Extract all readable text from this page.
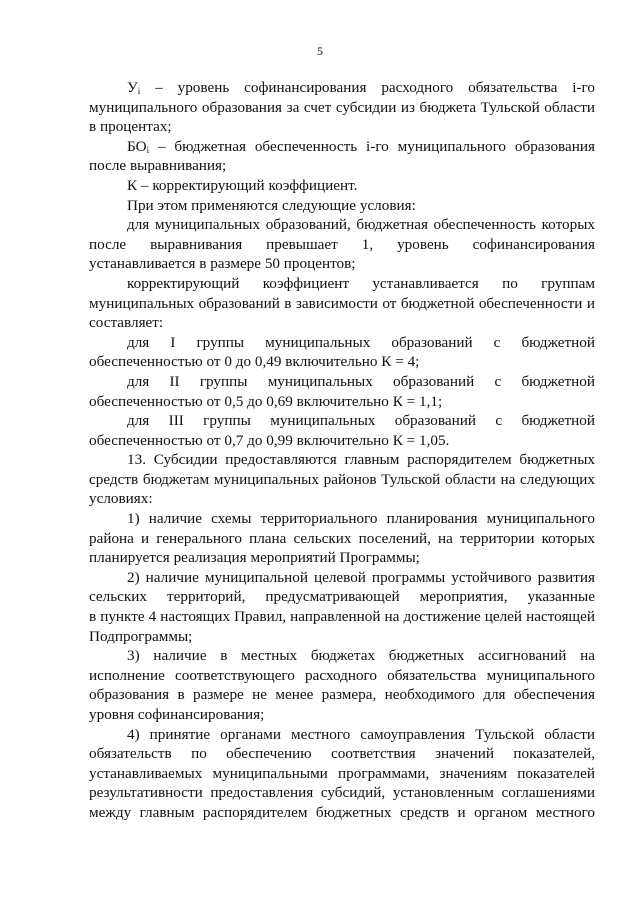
5
$У_i$ – уровень софинансирования расходного обязательства i-го
муниципального образования за счет субсидии из бюджета Тульской области
в процентах;
$БО_i$ – бюджетная обеспеченность i-го муниципального образования
после выравнивания;
К – корректирующий коэффициент.
При этом применяются следующие условия:
для муниципальных образований, бюджетная обеспеченность которых
после выравнивания превышает 1, уровень софинансирования
устанавливается в размере 50 процентов;
корректирующий коэффициент устанавливается по группам
муниципальных образований в зависимости от бюджетной обеспеченности и
составляет:
для I группы муниципальных образований с бюджетной
обеспеченностью от 0 до 0,49 включительно К = 4;
для II группы муниципальных образований с бюджетной
обеспеченностью от 0,5 до 0,69 включительно К = 1,1;
для III группы муниципальных образований с бюджетной
обеспеченностью от 0,7 до 0,99 включительно К = 1,05.
13. Субсидии предоставляются главным распорядителем бюджетных
средств бюджетам муниципальных районов Тульской области на следующих
условиях:
1) наличие схемы территориального планирования муниципального
района и генерального плана сельских поселений, на территории которых
планируется реализация мероприятий Программы;
2) наличие муниципальной целевой программы устойчивого развития
сельских территорий, предусматривающей мероприятия, указанные
в пункте 4 настоящих Правил, направленной на достижение целей настоящей
Подпрограммы;
3) наличие в местных бюджетах бюджетных ассигнований на
исполнение соответствующего расходного обязательства муниципального
образования в размере не менее размера, необходимого для обеспечения
уровня софинансирования;
4) принятие органами местного самоуправления Тульской области
обязательств по обеспечению соответствия значений показателей,
устанавливаемых муниципальными программами, значениям показателей
результативности предоставления субсидий, установленным соглашениями
между главным распорядителем бюджетных средств и органом местного
